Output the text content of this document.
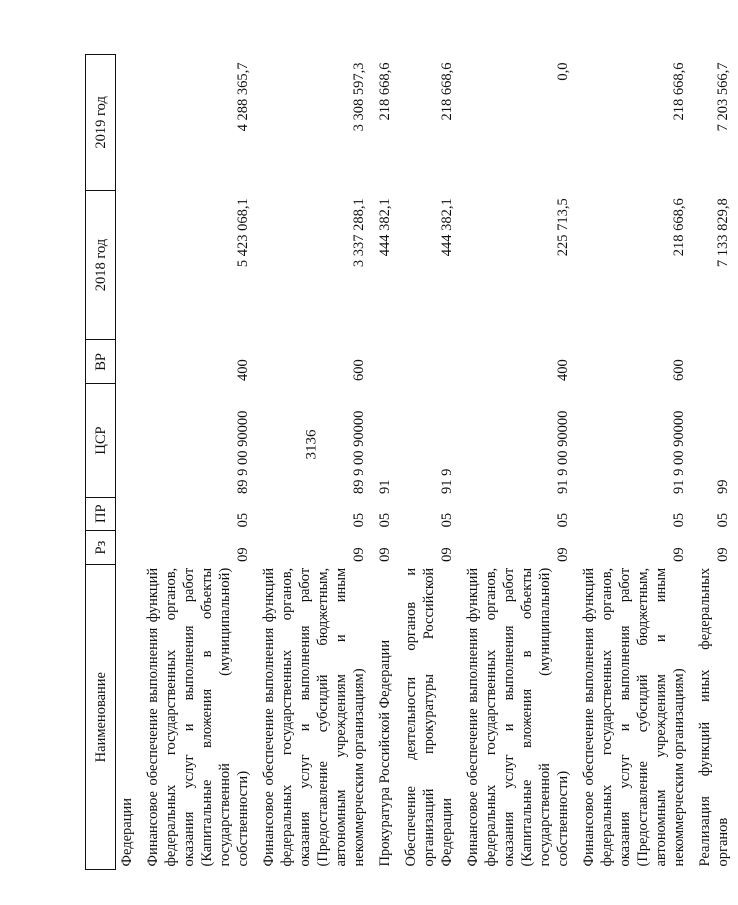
3136
Наименование	Рз	ПР	ЦСР	ВР	2018 год	2019 год
Федерации						
Финансовое обеспечение выполнения функций федеральных государственных органов, оказания услуг и выполнения работ (Капитальные вложения в объекты государственной (муниципальной) собственности)	09	05	89 9 00 90000	400	5 423 068,1	4 288 365,7
Финансовое обеспечение выполнения функций федеральных государственных органов, оказания услуг и выполнения работ (Предоставление субсидий бюджетным, автономным учреждениям и иным некоммерческим организациям)	09	05	89 9 00 90000	600	3 337 288,1	3 308 597,3
Прокуратура Российской Федерации	09	05	91		444 382,1	218 668,6
Обеспечение деятельности органов и организаций прокуратуры Российской Федерации	09	05	91 9		444 382,1	218 668,6
Финансовое обеспечение выполнения функций федеральных государственных органов, оказания услуг и выполнения работ (Капитальные вложения в объекты государственной (муниципальной) собственности)	09	05	91 9 00 90000	400	225 713,5	0,0
Финансовое обеспечение выполнения функций федеральных государственных органов, оказания услуг и выполнения работ (Предоставление субсидий бюджетным, автономным учреждениям и иным некоммерческим организациям)	09	05	91 9 00 90000	600	218 668,6	218 668,6
Реализация функций иных федеральных органов	09	05	99		7 133 829,8	7 203 566,7
